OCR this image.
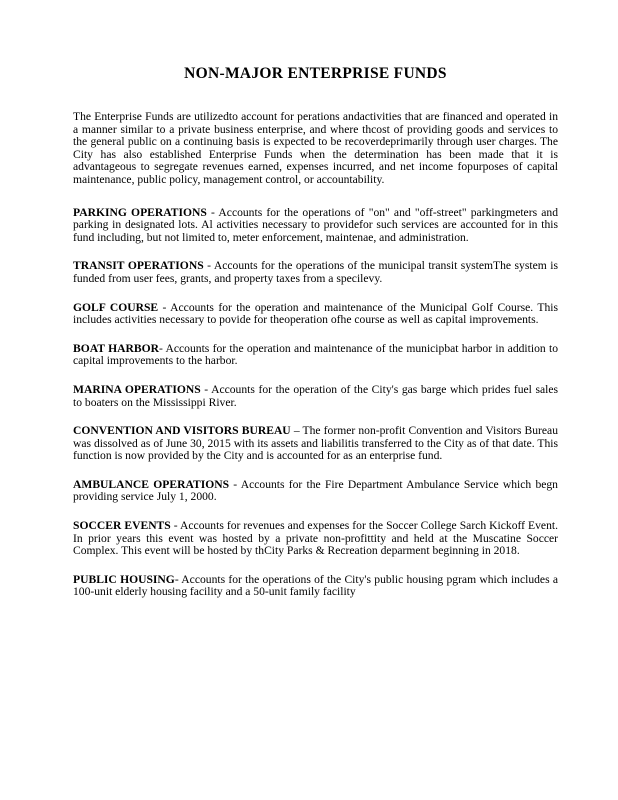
NON-MAJOR ENTERPRISE FUNDS

The Enterprise Funds are utilizedto account for perations andactivities that are financed and operated in a manner similar to a private business enterprise, and where thcost of providing goods and services to the general public on a continuing basis is expected to be recoverdeprimarily through user charges. The City has also established Enterprise Funds when the determination has been made that it is advantageous to segregate revenues earned, expenses incurred, and net income fopurposes of capital maintenance, public policy, management control, or accountability.

PARKING OPERATIONS - Accounts for the operations of "on" and "off-street" parkingmeters and parking in designated lots. Al activities necessary to providefor such services are accounted for in this fund including, but not limited to, meter enforcement, maintenae, and administration.

TRANSIT OPERATIONS - Accounts for the operations of the municipal transit systemThe system is funded from user fees, grants, and property taxes from a specilevy.

GOLF COURSE - Accounts for the operation and maintenance of the Municipal Golf Course. This includes activities necessary to povide for theoperation ofhe course as well as capital improvements.

BOAT HARBOR- Accounts for the operation and maintenance of the municipbat harbor in addition to capital improvements to the harbor.

MARINA OPERATIONS - Accounts for the operation of the City's gas barge which prides fuel sales to boaters on the Mississippi River.

CONVENTION AND VISITORS BUREAU – The former non-profit Convention and Visitors Bureau was dissolved as of June 30, 2015 with its assets and liabilitis transferred to the City as of that date. This function is now provided by the City and is accounted for as an enterprise fund.

AMBULANCE OPERATIONS - Accounts for the Fire Department Ambulance Service which begn providing service July 1, 2000.

SOCCER EVENTS - Accounts for revenues and expenses for the Soccer College Sarch Kickoff Event. In prior years this event was hosted by a private non-profittity and held at the Muscatine Soccer Complex. This event will be hosted by thCity Parks & Recreation deparment beginning in 2018.

PUBLIC HOUSING- Accounts for the operations of the City's public housing pgram which includes a 100-unit elderly housing facility and a 50-unit family facility
